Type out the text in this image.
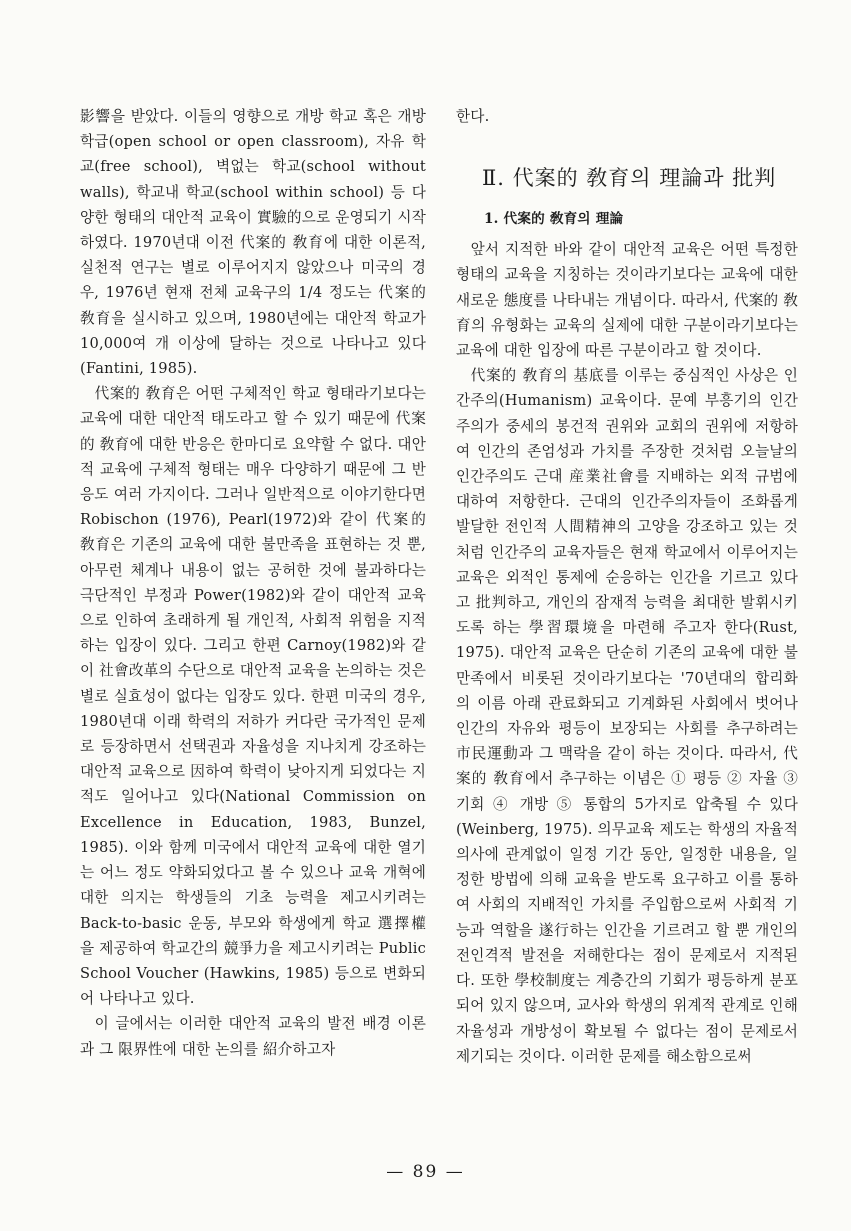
影響을 받았다. 이들의 영향으로 개방 학교 혹은 개방 학급(open school or open classroom), 자유 학교(free school), 벽없는 학교(school without walls), 학교내 학교(school within school) 등 다양한 형태의 대안적 교육이 實驗的으로 운영되기 시작하였다. 1970년대 이전 代案的 敎育에 대한 이론적, 실천적 연구는 별로 이루어지지 않았으나 미국의 경우, 1976년 현재 전체 교육구의 1/4 정도는 代案的 敎育을 실시하고 있으며, 1980년에는 대안적 학교가 10,000여 개 이상에 달하는 것으로 나타나고 있다(Fantini, 1985).

代案的 敎育은 어떤 구체적인 학교 형태라기보다는 교육에 대한 대안적 태도라고 할 수 있기 때문에 代案的 敎育에 대한 반응은 한마디로 요약할 수 없다. 대안적 교육에 구체적 형태는 매우 다양하기 때문에 그 반응도 여러 가지이다. 그러나 일반적으로 이야기한다면 Robischon (1976), Pearl(1972)와 같이 代案的 敎育은 기존의 교육에 대한 불만족을 표현하는 것 뿐, 아무런 체계나 내용이 없는 공허한 것에 불과하다는 극단적인 부정과 Power(1982)와 같이 대안적 교육으로 인하여 초래하게 될 개인적, 사회적 위험을 지적하는 입장이 있다. 그리고 한편 Carnoy(1982)와 같이 社會改革의 수단으로 대안적 교육을 논의하는 것은 별로 실효성이 없다는 입장도 있다. 한편 미국의 경우, 1980년대 이래 학력의 저하가 커다란 국가적인 문제로 등장하면서 선택권과 자율성을 지나치게 강조하는 대안적 교육으로 因하여 학력이 낮아지게 되었다는 지적도 일어나고 있다(National Commission on Excellence in Education, 1983, Bunzel, 1985). 이와 함께 미국에서 대안적 교육에 대한 열기는 어느 정도 약화되었다고 볼 수 있으나 교육 개혁에 대한 의지는 학생들의 기초 능력을 제고시키려는 Back-to-basic 운동, 부모와 학생에게 학교 選擇權을 제공하여 학교간의 競爭力을 제고시키려는 Public School Voucher (Hawkins, 1985) 등으로 변화되어 나타나고 있다.

이 글에서는 이러한 대안적 교육의 발전 배경 이론과 그 限界性에 대한 논의를 紹介하고자

한다.

Ⅱ. 代案的 敎育의 理論과 批判
1. 代案的 敎育의 理論

앞서 지적한 바와 같이 대안적 교육은 어떤 특정한 형태의 교육을 지칭하는 것이라기보다는 교육에 대한 새로운 態度를 나타내는 개념이다. 따라서, 代案的 敎育의 유형화는 교육의 실제에 대한 구분이라기보다는 교육에 대한 입장에 따른 구분이라고 할 것이다.

代案的 敎育의 基底를 이루는 중심적인 사상은 인간주의(Humanism) 교육이다. 문예 부흥기의 인간주의가 중세의 봉건적 권위와 교회의 권위에 저항하여 인간의 존엄성과 가치를 주장한 것처럼 오늘날의 인간주의도 근대 産業社會를 지배하는 외적 규범에 대하여 저항한다. 근대의 인간주의자들이 조화롭게 발달한 전인적 人間精神의 고양을 강조하고 있는 것처럼 인간주의 교육자들은 현재 학교에서 이루어지는 교육은 외적인 통제에 순응하는 인간을 기르고 있다고 批判하고, 개인의 잠재적 능력을 최대한 발휘시키도록 하는 學習環境을 마련해 주고자 한다(Rust, 1975). 대안적 교육은 단순히 기존의 교육에 대한 불만족에서 비롯된 것이라기보다는 '70년대의 합리화의 이름 아래 관료화되고 기계화된 사회에서 벗어나 인간의 자유와 평등이 보장되는 사회를 추구하려는 市民運動과 그 맥락을 같이 하는 것이다. 따라서, 代案的 敎育에서 추구하는 이념은 ① 평등 ② 자율 ③ 기회 ④ 개방 ⑤ 통합의 5가지로 압축될 수 있다(Weinberg, 1975). 의무교육 제도는 학생의 자율적 의사에 관계없이 일정 기간 동안, 일정한 내용을, 일정한 방법에 의해 교육을 받도록 요구하고 이를 통하여 사회의 지배적인 가치를 주입함으로써 사회적 기능과 역할을 遂行하는 인간을 기르려고 할 뿐 개인의 전인격적 발전을 저해한다는 점이 문제로서 지적된다. 또한 學校制度는 계층간의 기회가 평등하게 분포되어 있지 않으며, 교사와 학생의 위계적 관계로 인해 자율성과 개방성이 확보될 수 없다는 점이 문제로서 제기되는 것이다. 이러한 문제를 해소함으로써

— 89 —
